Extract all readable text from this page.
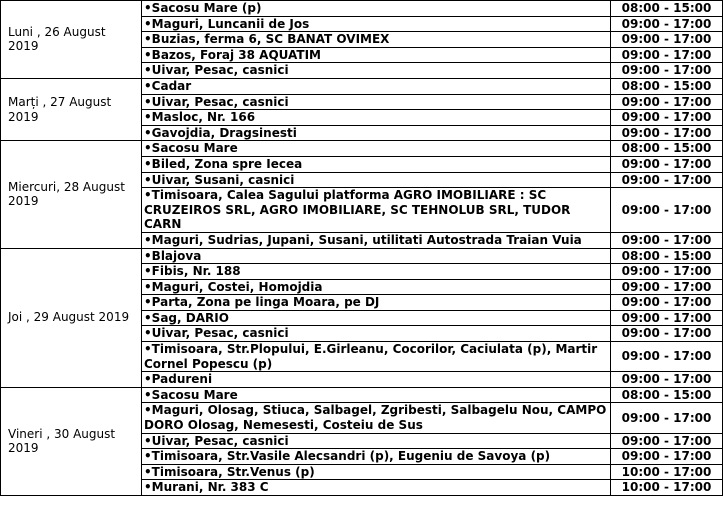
Luni , 26 August 2019	•Sacosu Mare (p)	08:00 - 15:00
	•Maguri, Luncanii de Jos	09:00 - 17:00
	•Buzias, ferma 6, SC BANAT OVIMEX	09:00 - 17:00
	•Bazos, Foraj 38 AQUATIM	09:00 - 17:00
	•Uivar, Pesac, casnici	09:00 - 17:00
Marți , 27 August 2019	•Cadar	08:00 - 15:00
	•Uivar, Pesac, casnici	09:00 - 17:00
	•Masloc, Nr. 166	09:00 - 17:00
	•Gavojdia, Dragsinesti	09:00 - 17:00
Miercuri, 28 August 2019	•Sacosu Mare	08:00 - 15:00
	•Biled, Zona spre Iecea	09:00 - 17:00
	•Uivar, Susani, casnici	09:00 - 17:00
	•Timisoara, Calea Sagului platforma AGRO IMOBILIARE : SC CRUZEIROS SRL, AGRO IMOBILIARE, SC TEHNOLUB SRL, TUDOR CARN	09:00 - 17:00
	•Maguri, Sudrias, Jupani, Susani, utilitati Autostrada Traian Vuia	09:00 - 17:00
Joi , 29 August 2019	•Blajova	08:00 - 15:00
	•Fibis, Nr. 188	09:00 - 17:00
	•Maguri, Costei, Homojdia	09:00 - 17:00
	•Parta, Zona pe linga Moara, pe DJ	09:00 - 17:00
	•Sag, DARIO	09:00 - 17:00
	•Uivar, Pesac, casnici	09:00 - 17:00
	•Timisoara, Str.Plopului, E.Girleanu, Cocorilor, Caciulata (p), Martir Cornel Popescu (p)	09:00 - 17:00
	•Padureni	09:00 - 17:00
Vineri , 30 August 2019	•Sacosu Mare	08:00 - 15:00
	•Maguri, Olosag, Stiuca, Salbagel, Zgribesti, Salbagelu Nou, CAMPO DORO Olosag, Nemesesti, Costeiu de Sus	09:00 - 17:00
	•Uivar, Pesac, casnici	09:00 - 17:00
	•Timisoara, Str.Vasile Alecsandri (p), Eugeniu de Savoya (p)	09:00 - 17:00
	•Timisoara, Str.Venus (p)	10:00 - 17:00
	•Murani, Nr. 383 C	10:00 - 17:00
